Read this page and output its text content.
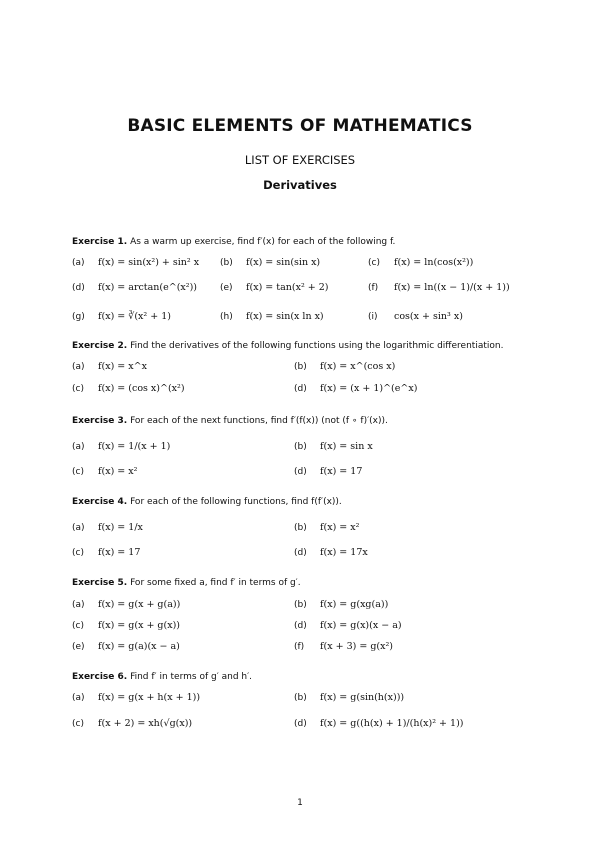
BASIC ELEMENTS OF MATHEMATICS
LIST OF EXERCISES
Derivatives
Exercise 1. As a warm up exercise, find f′(x) for each of the following f.
(a) f(x) = sin(x²) + sin² x (b) f(x) = sin(sin x)	(c) f(x) = ln(cos(x²))
(d) f(x) = arctan(e^(x²))	(e) f(x) = tan(x² + 2)	(f) f(x) = ln((x − 1)/(x + 1))
(g) f(x) = ∛(x² + 1)	(h) f(x) = sin(x ln x)	(i) cos(x + sin³ x)
Exercise 2. Find the derivatives of the following functions using the logarithmic differentiation.
(a) f(x) = x^x	(b) f(x) = x^(cos x)
(c) f(x) = (cos x)^(x²)	(d) f(x) = (x + 1)^(e^x)
Exercise 3. For each of the next functions, find f′(f(x)) (not (f ∘ f)′(x)).
(a) f(x) = 1/(x + 1)	(b) f(x) = sin x
(c) f(x) = x²	(d) f(x) = 17
Exercise 4. For each of the following functions, find f(f′(x)).
(a) f(x) = 1/x	(b) f(x) = x²
(c) f(x) = 17	(d) f(x) = 17x
Exercise 5. For some fixed a, find f′ in terms of g′.
(a) f(x) = g(x + g(a))	(b) f(x) = g(xg(a))
(c) f(x) = g(x + g(x))	(d) f(x) = g(x)(x − a)
(e) f(x) = g(a)(x − a)	(f) f(x + 3) = g(x²)
Exercise 6. Find f′ in terms of g′ and h′.
(a) f(x) = g(x + h(x + 1))	(b) f(x) = g(sin(h(x)))
(c) f(x + 2) = xh(√g(x))	(d) f(x) = g((h(x) + 1)/(h(x)² + 1))
1
